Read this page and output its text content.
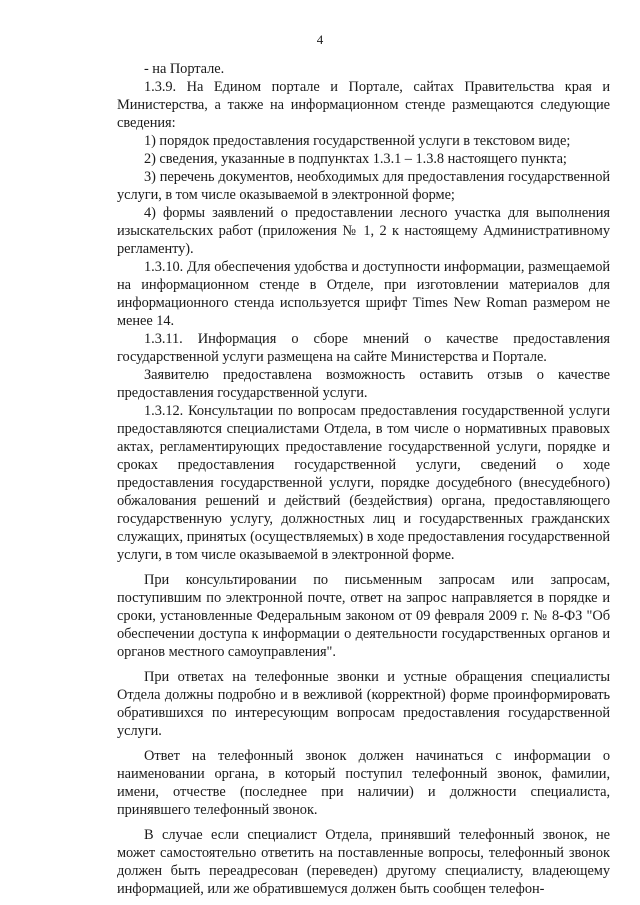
4

- на Портале.

1.3.9. На Едином портале и Портале, сайтах Правительства края и Министерства, а также на информационном стенде размещаются следующие сведения:

1) порядок предоставления государственной услуги в текстовом виде;

2) сведения, указанные в подпунктах 1.3.1 – 1.3.8 настоящего пункта;

3) перечень документов, необходимых для предоставления государственной услуги, в том числе оказываемой в электронной форме;

4) формы заявлений о предоставлении лесного участка для выполнения изыскательских работ (приложения № 1, 2 к настоящему Административному регламенту).

1.3.10. Для обеспечения удобства и доступности информации, размещаемой на информационном стенде в Отделе, при изготовлении материалов для информационного стенда используется шрифт Times New Roman размером не менее 14.

1.3.11. Информация о сборе мнений о качестве предоставления государственной услуги размещена на сайте Министерства и Портале.

Заявителю предоставлена возможность оставить отзыв о качестве предоставления государственной услуги.

1.3.12. Консультации по вопросам предоставления государственной услуги предоставляются специалистами Отдела, в том числе о нормативных правовых актах, регламентирующих предоставление государственной услуги, порядке и сроках предоставления государственной услуги, сведений о ходе предоставления государственной услуги, порядке досудебного (внесудебного) обжалования решений и действий (бездействия) органа, предоставляющего государственную услугу, должностных лиц и государственных гражданских служащих, принятых (осуществляемых) в ходе предоставления государственной услуги, в том числе оказываемой в электронной форме.

При консультировании по письменным запросам или запросам, поступившим по электронной почте, ответ на запрос направляется в порядке и сроки, установленные Федеральным законом от 09 февраля 2009 г. № 8-ФЗ "Об обеспечении доступа к информации о деятельности государственных органов и органов местного самоуправления".

При ответах на телефонные звонки и устные обращения специалисты Отдела должны подробно и в вежливой (корректной) форме проинформировать обратившихся по интересующим вопросам предоставления государственной услуги.

Ответ на телефонный звонок должен начинаться с информации о наименовании органа, в который поступил телефонный звонок, фамилии, имени, отчестве (последнее при наличии) и должности специалиста, принявшего телефонный звонок.

В случае если специалист Отдела, принявший телефонный звонок, не может самостоятельно ответить на поставленные вопросы, телефонный звонок должен быть переадресован (переведен) другому специалисту, владеющему информацией, или же обратившемуся должен быть сообщен телефон-
